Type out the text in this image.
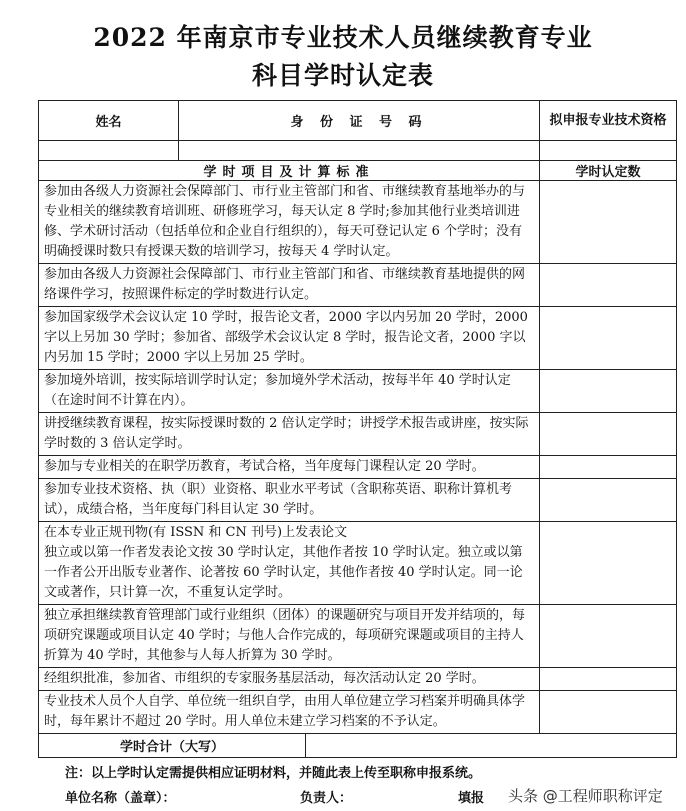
2022 年南京市专业技术人员继续教育专业
科目学时认定表
姓名	身 份 证 号 码		拟申报专业技术资格

学时项目及计算标准			学时认定数
参加由各级人力资源社会保障部门、市行业主管部门和省、市继续教育基地举办的与专业相关的继续教育培训班、研修班学习，每天认定 8 学时;参加其他行业类培训进修、学术研讨活动（包括单位和企业自行组织的），每天可登记认定 6 个学时；没有明确授课时数只有授课天数的培训学习，按每天 4 学时认定。			
参加由各级人力资源社会保障部门、市行业主管部门和省、市继续教育基地提供的网络课件学习，按照课件标定的学时数进行认定。			
参加国家级学术会议认定 10 学时，报告论文者，2000 字以内另加 20 学时，2000 字以上另加 30 学时；参加省、部级学术会议认定 8 学时，报告论文者，2000 字以内另加 15 学时；2000 字以上另加 25 学时。			
参加境外培训，按实际培训学时认定；参加境外学术活动，按每半年 40 学时认定（在途时间不计算在内）。			
讲授继续教育课程，按实际授课时数的 2 倍认定学时；讲授学术报告或讲座，按实际学时数的 3 倍认定学时。			
参加与专业相关的在职学历教育，考试合格，当年度每门课程认定 20 学时。			
参加专业技术资格、执（职）业资格、职业水平考试（含职称英语、职称计算机考试），成绩合格，当年度每门科目认定 30 学时。			
在本专业正规刊物(有 ISSN 和 CN 刊号)上发表论文
独立或以第一作者发表论文按 30 学时认定，其他作者按 10 学时认定。独立或以第一作者公开出版专业著作、论著按 60 学时认定，其他作者按 40 学时认定。同一论文或著作，只计算一次，不重复认定学时。			
独立承担继续教育管理部门或行业组织（团体）的课题研究与项目开发并结项的，每项研究课题或项目认定 40 学时；与他人合作完成的，每项研究课题或项目的主持人折算为 40 学时，其他参与人每人折算为 30 学时。			
经组织批准，参加省、市组织的专家服务基层活动，每次活动认定 20 学时。			
专业技术人员个人自学、单位统一组织自学，由用人单位建立学习档案并明确具体学时，每年累计不超过 20 学时。用人单位未建立学习档案的不予认定。			
学时合计（大写）			
注：以上学时认定需提供相应证明材料，并随此表上传至职称申报系统。
单位名称（盖章）：	负责人：	填报 头条 @工程师职称评定
